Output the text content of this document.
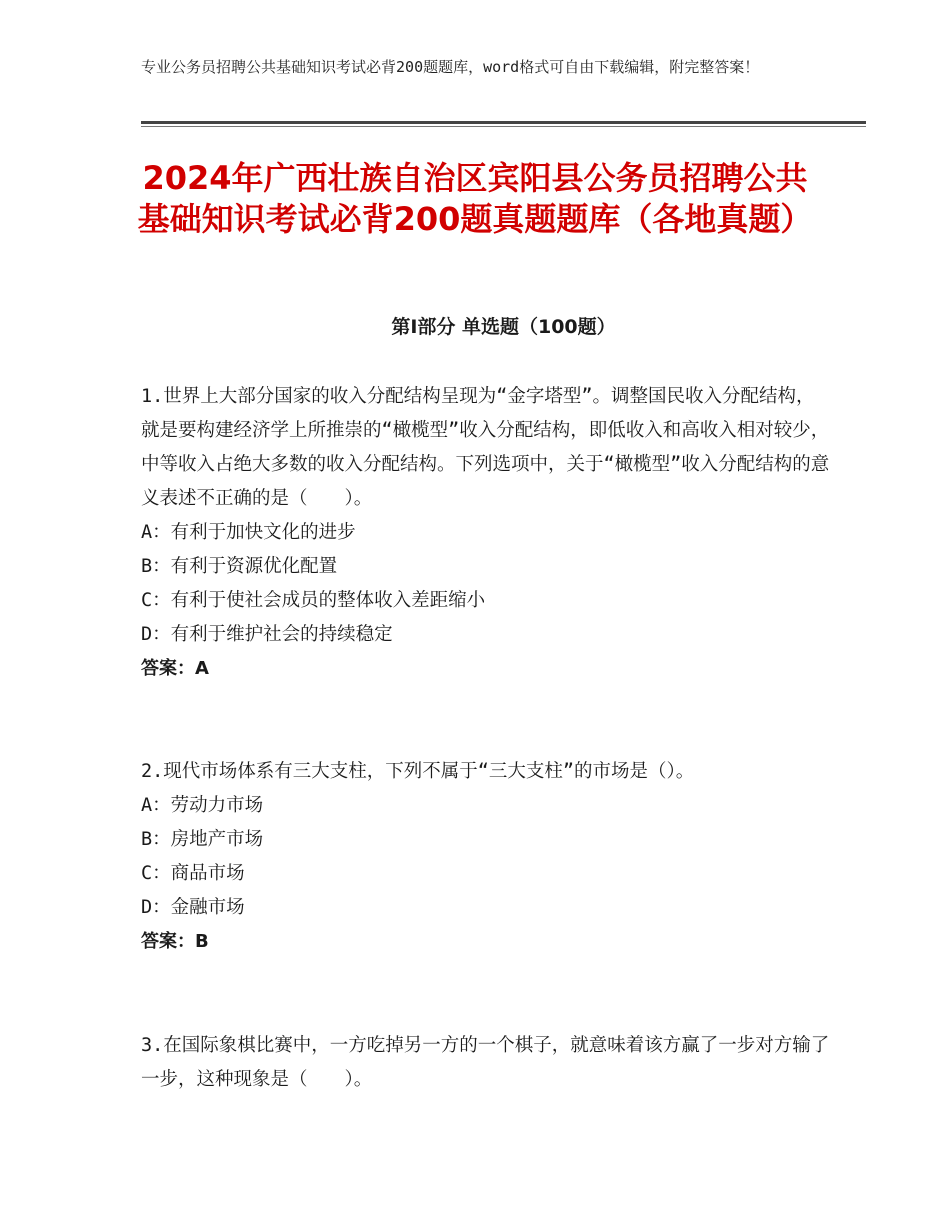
专业公务员招聘公共基础知识考试必背200题题库，word格式可自由下载编辑，附完整答案！
2024年广西壮族自治区宾阳县公务员招聘公共基础知识考试必背200题真题题库（各地真题）
第Ⅰ部分 单选题（100题）

1.世界上大部分国家的收入分配结构呈现为“金字塔型”。调整国民收入分配结构，就是要构建经济学上所推崇的“橄榄型”收入分配结构，即低收入和高收入相对较少，中等收入占绝大多数的收入分配结构。下列选项中，关于“橄榄型”收入分配结构的意义表述不正确的是（　　）。

A：有利于加快文化的进步

B：有利于资源优化配置

C：有利于使社会成员的整体收入差距缩小

D：有利于维护社会的持续稳定

答案：A

2.现代市场体系有三大支柱，下列不属于“三大支柱”的市场是（）。

A：劳动力市场

B：房地产市场

C：商品市场

D：金融市场

答案：B

3.在国际象棋比赛中，一方吃掉另一方的一个棋子，就意味着该方赢了一步对方输了一步，这种现象是（　　）。
